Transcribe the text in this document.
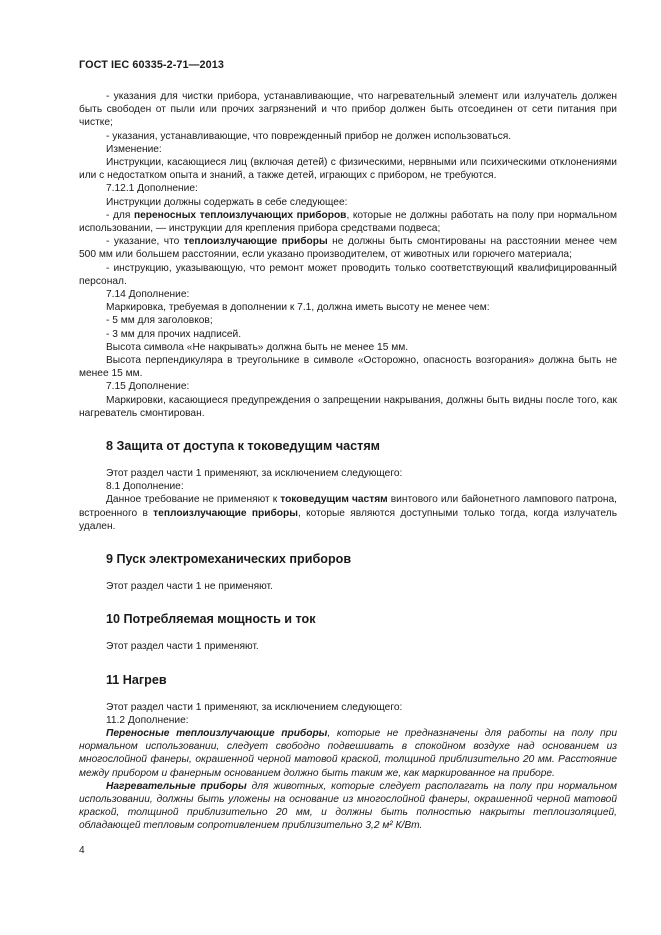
ГОСТ IEC 60335-2-71—2013

- указания для чистки прибора, устанавливающие, что нагревательный элемент или излучатель должен быть свободен от пыли или прочих загрязнений и что прибор должен быть отсоединен от сети питания при чистке;

- указания, устанавливающие, что поврежденный прибор не должен использоваться.

Изменение:

Инструкции, касающиеся лиц (включая детей) с физическими, нервными или психическими отклонениями или с недостатком опыта и знаний, а также детей, играющих с прибором, не требуются.

7.12.1 Дополнение:

Инструкции должны содержать в себе следующее:

- для переносных теплоизлучающих приборов, которые не должны работать на полу при нормальном использовании, — инструкции для крепления прибора средствами подвеса;

- указание, что теплоизлучающие приборы не должны быть смонтированы на расстоянии менее чем 500 мм или большем расстоянии, если указано производителем, от животных или горючего материала;

- инструкцию, указывающую, что ремонт может проводить только соответствующий квалифицированный персонал.

7.14 Дополнение:

Маркировка, требуемая в дополнении к 7.1, должна иметь высоту не менее чем:

- 5 мм для заголовков;

- 3 мм для прочих надписей.

Высота символа «Не накрывать» должна быть не менее 15 мм.

Высота перпендикуляра в треугольнике в символе «Осторожно, опасность возгорания» должна быть не менее 15 мм.

7.15 Дополнение:

Маркировки, касающиеся предупреждения о запрещении накрывания, должны быть видны после того, как нагреватель смонтирован.

8 Защита от доступа к токоведущим частям

Этот раздел части 1 применяют, за исключением следующего:

8.1 Дополнение:

Данное требование не применяют к токоведущим частям винтового или байонетного лампового патрона, встроенного в теплоизлучающие приборы, которые являются доступными только тогда, когда излучатель удален.

9 Пуск электромеханических приборов

Этот раздел части 1 не применяют.

10 Потребляемая мощность и ток

Этот раздел части 1 применяют.

11 Нагрев

Этот раздел части 1 применяют, за исключением следующего:

11.2 Дополнение:

Переносные теплоизлучающие приборы, которые не предназначены для работы на полу при нормальном использовании, следует свободно подвешивать в спокойном воздухе над основанием из многослойной фанеры, окрашенной черной матовой краской, толщиной приблизительно 20 мм. Расстояние между прибором и фанерным основанием должно быть таким же, как маркированное на приборе.

Нагревательные приборы для животных, которые следует располагать на полу при нормальном использовании, должны быть уложены на основание из многослойной фанеры, окрашенной черной матовой краской, толщиной приблизительно 20 мм, и должны быть полностью накрыты теплоизоляцией, обладающей тепловым сопротивлением приблизительно 3,2 м² К/Вт.

4
